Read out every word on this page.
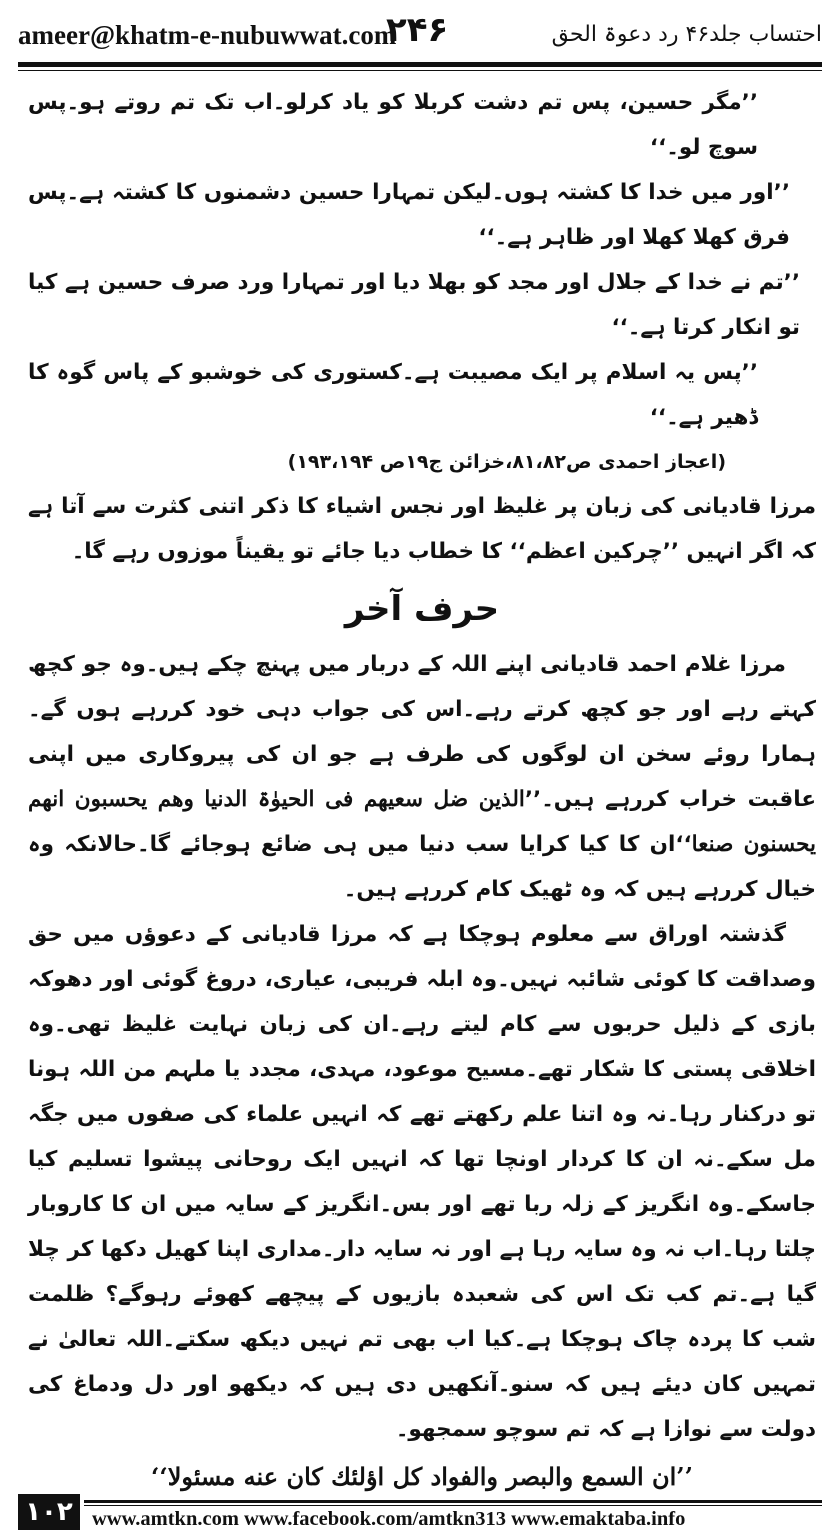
ameer@khatm-e-nubuwwat.com
۲۴۶	احتساب جلد۴۶ رد دعوۃ الحق

’’مگر حسین، پس تم دشت کربلا کو یاد کرلو۔اب تک تم روتے ہو۔پس سوچ لو۔‘‘

’’اور میں خدا کا کشتہ ہوں۔لیکن تمہارا حسین دشمنوں کا کشتہ ہے۔پس فرق کھلا کھلا اور ظاہر ہے۔‘‘

’’تم نے خدا کے جلال اور مجد کو بھلا دیا اور تمہارا ورد صرف حسین ہے کیا تو انکار کرتا ہے۔‘‘

’’پس یہ اسلام پر ایک مصیبت ہے۔کستوری کی خوشبو کے پاس گوہ کا ڈھیر ہے۔‘‘

(اعجاز احمدی ص۸۱،۸۲،خزائن ج۱۹ص ۱۹۳،۱۹۴)

مرزا قادیانی کی زبان پر غلیظ اور نجس اشیاء کا ذکر اتنی کثرت سے آتا ہے کہ اگر انہیں ’’چرکین اعظم‘‘ کا خطاب دیا جائے تو یقیناً موزوں رہے گا۔

حرف آخر

مرزا غلام احمد قادیانی اپنے اللہ کے دربار میں پہنچ چکے ہیں۔وہ جو کچھ کہتے رہے اور جو کچھ کرتے رہے۔اس کی جواب دہی خود کررہے ہوں گے۔ہمارا روئے سخن ان لوگوں کی طرف ہے جو ان کی پیروکاری میں اپنی عاقبت خراب کررہے ہیں۔’’الذین ضل سعیھم فی الحیوٰۃ الدنیا وھم یحسبون انھم یحسنون صنعا‘‘ان کا کیا کرایا سب دنیا میں ہی ضائع ہوجائے گا۔حالانکہ وہ خیال کررہے ہیں کہ وہ ٹھیک کام کررہے ہیں۔

گذشتہ اوراق سے معلوم ہوچکا ہے کہ مرزا قادیانی کے دعوؤں میں حق وصداقت کا کوئی شائبہ نہیں۔وہ ابلہ فریبی، عیاری، دروغ گوئی اور دھوکہ بازی کے ذلیل حربوں سے کام لیتے رہے۔ان کی زبان نہایت غلیظ تھی۔وہ اخلاقی پستی کا شکار تھے۔مسیح موعود، مہدی، مجدد یا ملہم من اللہ ہونا تو درکنار رہا۔نہ وہ اتنا علم رکھتے تھے کہ انہیں علماء کی صفوں میں جگہ مل سکے۔نہ ان کا کردار اونچا تھا کہ انہیں ایک روحانی پیشوا تسلیم کیا جاسکے۔وہ انگریز کے زلہ ربا تھے اور بس۔انگریز کے سایہ میں ان کا کاروبار چلتا رہا۔اب نہ وہ سایہ رہا ہے اور نہ سایہ دار۔مداری اپنا کھیل دکھا کر چلا گیا ہے۔تم کب تک اس کی شعبدہ بازیوں کے پیچھے کھوئے رہوگے؟ ظلمت شب کا پردہ چاک ہوچکا ہے۔کیا اب بھی تم نہیں دیکھ سکتے۔اللہ تعالیٰ نے تمہیں کان دیئے ہیں کہ سنو۔آنکھیں دی ہیں کہ دیکھو اور دل ودماغ کی دولت سے نوازا ہے کہ تم سوچو سمجھو۔

’’ان السمع والبصر والفواد کل اؤلئك کان عنه مسئولا‘‘

۱۰۲ www.amtkn.com www.facebook.com/amtkn313 www.emaktaba.info
